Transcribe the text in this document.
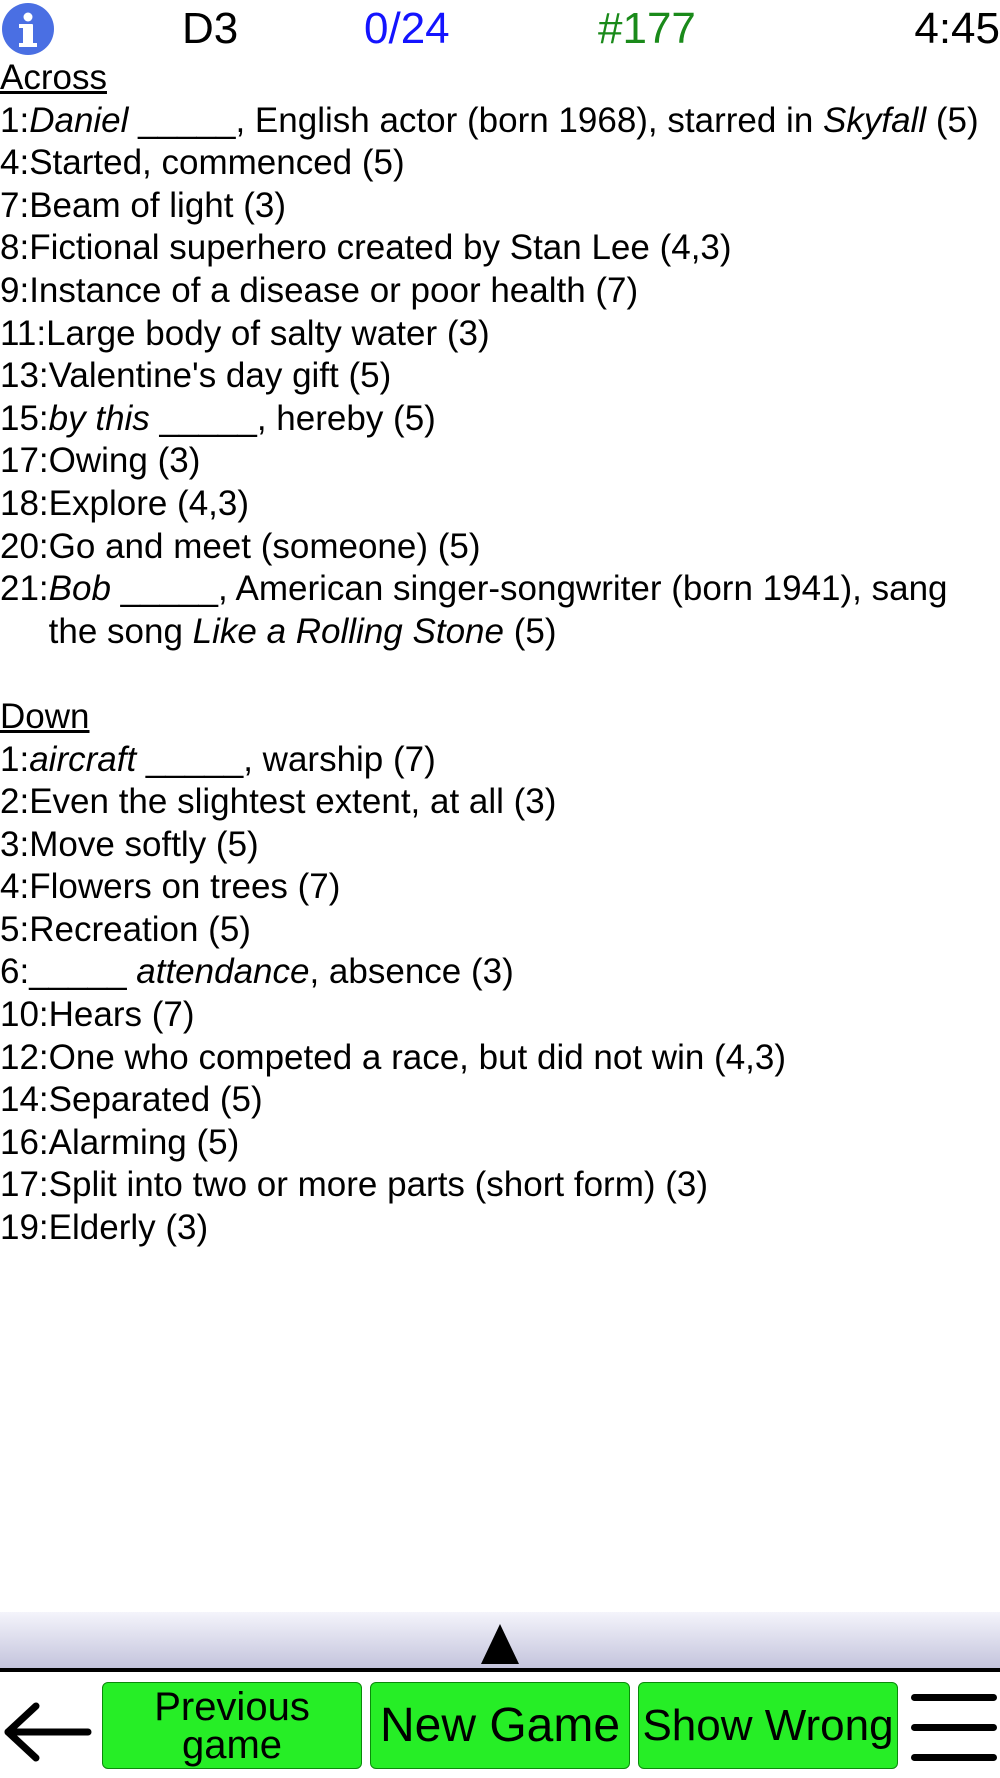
D3	0/24	#177	4:45
Across
1: Daniel _____, English actor (born 1968), starred in Skyfall (5)
4: Started, commenced (5)
7: Beam of light (3)
8: Fictional superhero created by Stan Lee (4,3)
9: Instance of a disease or poor health (7)
11: Large body of salty water (3)
13: Valentine's day gift (5)
15: by this _____, hereby (5)
17: Owing (3)
18: Explore (4,3)
20: Go and meet (someone) (5)
21: Bob _____, American singer-songwriter (born 1941), sang the song Like a Rolling Stone (5)
Down
1: aircraft _____, warship (7)
2: Even the slightest extent, at all (3)
3: Move softly (5)
4: Flowers on trees (7)
5: Recreation (5)
6: _____ attendance, absence (3)
10: Hears (7)
12: One who competed a race, but did not win (4,3)
14: Separated (5)
16: Alarming (5)
17: Split into two or more parts (short form) (3)
19: Elderly (3)
Previous
game	New Game Show Wrong
